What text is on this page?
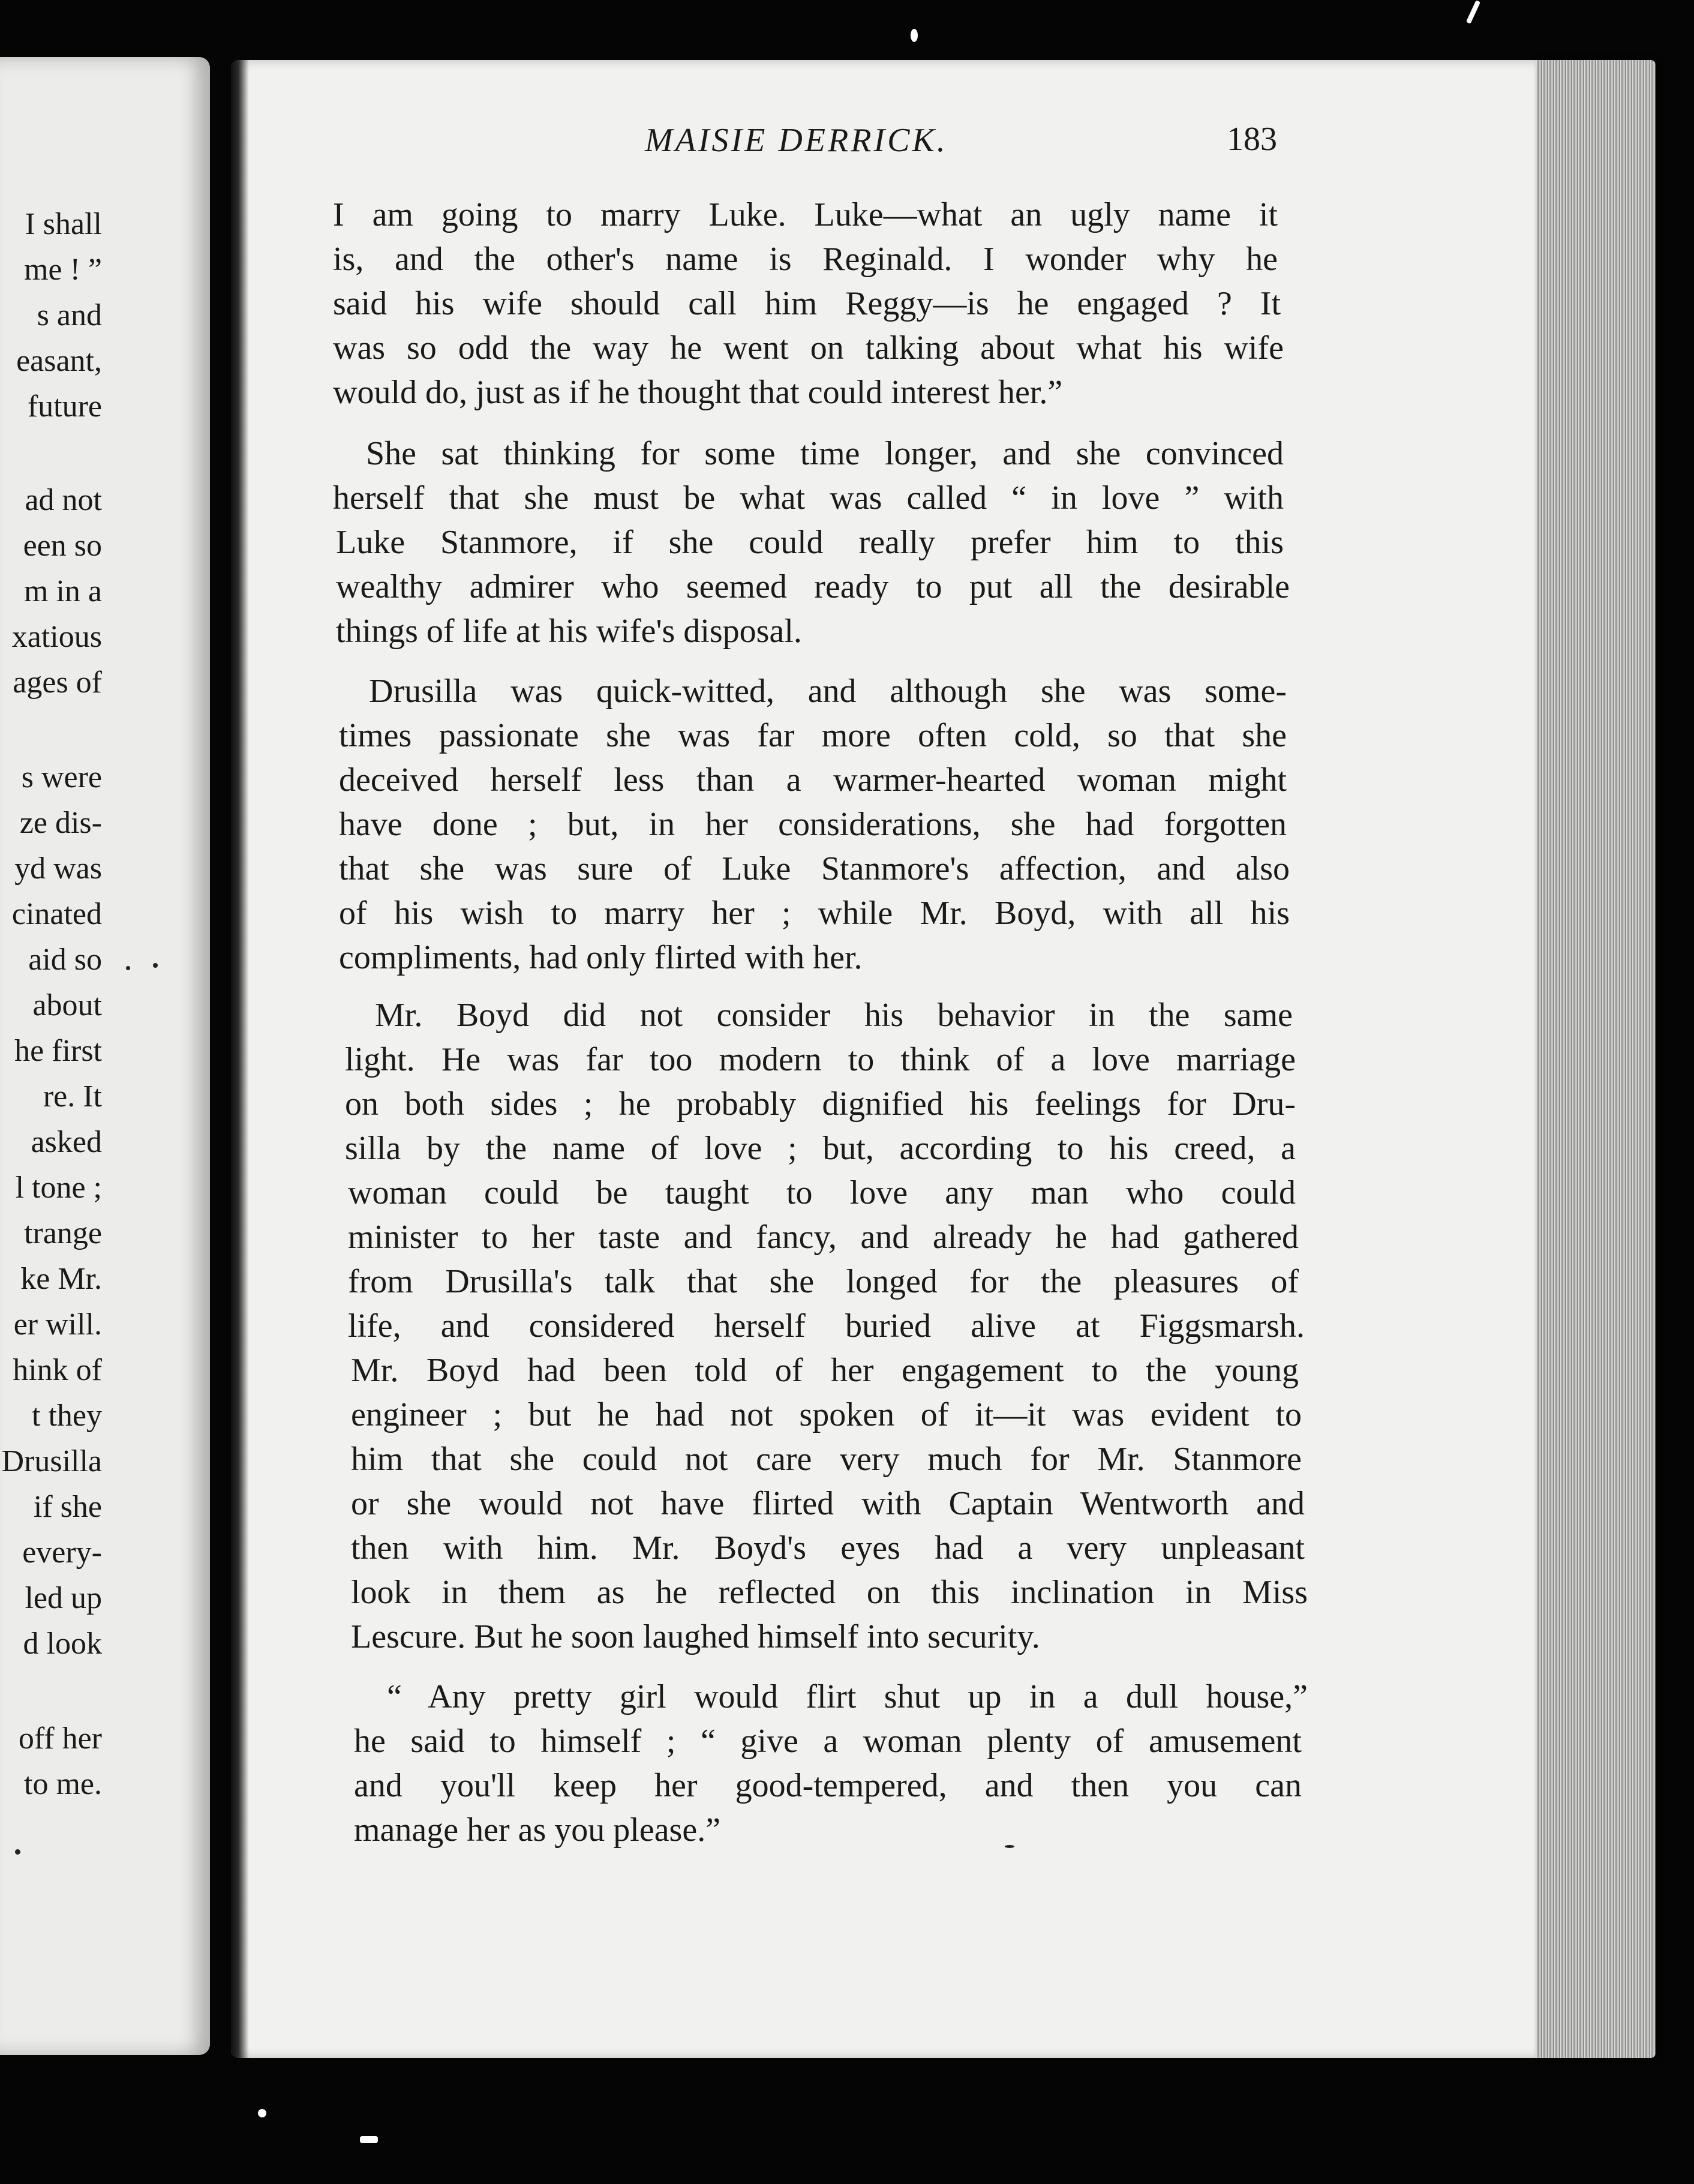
I shall
me ! ”
s and
easant,
future
ad not
een so
m in a
xatious
ages of
s were
ze dis-
yd was
cinated
aid so
about
he first
re. It
asked
l tone ;
trange
ke Mr.
er will.
hink of
t they
Drusilla
if she
every-
led up
d look
off her
to me.
MAISIE DERRICK.	183
I am going to marry Luke. Luke—what an ugly name it
is, and the other's name is Reginald. I wonder why he
said his wife should call him Reggy—is he engaged ? It
was so odd the way he went on talking about what his wife
would do, just as if he thought that could interest her.”
She sat thinking for some time longer, and she convinced
herself that she must be what was called “ in love ” with
Luke Stanmore, if she could really prefer him to this
wealthy admirer who seemed ready to put all the desirable
things of life at his wife's disposal.
Drusilla was quick-witted, and although she was some-
times passionate she was far more often cold, so that she
deceived herself less than a warmer-hearted woman might
have done ; but, in her considerations, she had forgotten
that she was sure of Luke Stanmore's affection, and also
of his wish to marry her ; while Mr. Boyd, with all his
compliments, had only flirted with her.
Mr. Boyd did not consider his behavior in the same
light. He was far too modern to think of a love marriage
on both sides ; he probably dignified his feelings for Dru-
silla by the name of love ; but, according to his creed, a
woman could be taught to love any man who could
minister to her taste and fancy, and already he had gathered
from Drusilla's talk that she longed for the pleasures of
life, and considered herself buried alive at Figgsmarsh.
Mr. Boyd had been told of her engagement to the young
engineer ; but he had not spoken of it—it was evident to
him that she could not care very much for Mr. Stanmore
or she would not have flirted with Captain Wentworth and
then with him. Mr. Boyd's eyes had a very unpleasant
look in them as he reflected on this inclination in Miss
Lescure. But he soon laughed himself into security.
“ Any pretty girl would flirt shut up in a dull house,”
he said to himself ; “ give a woman plenty of amusement
and you'll keep her good-tempered, and then you can
manage her as you please.”
